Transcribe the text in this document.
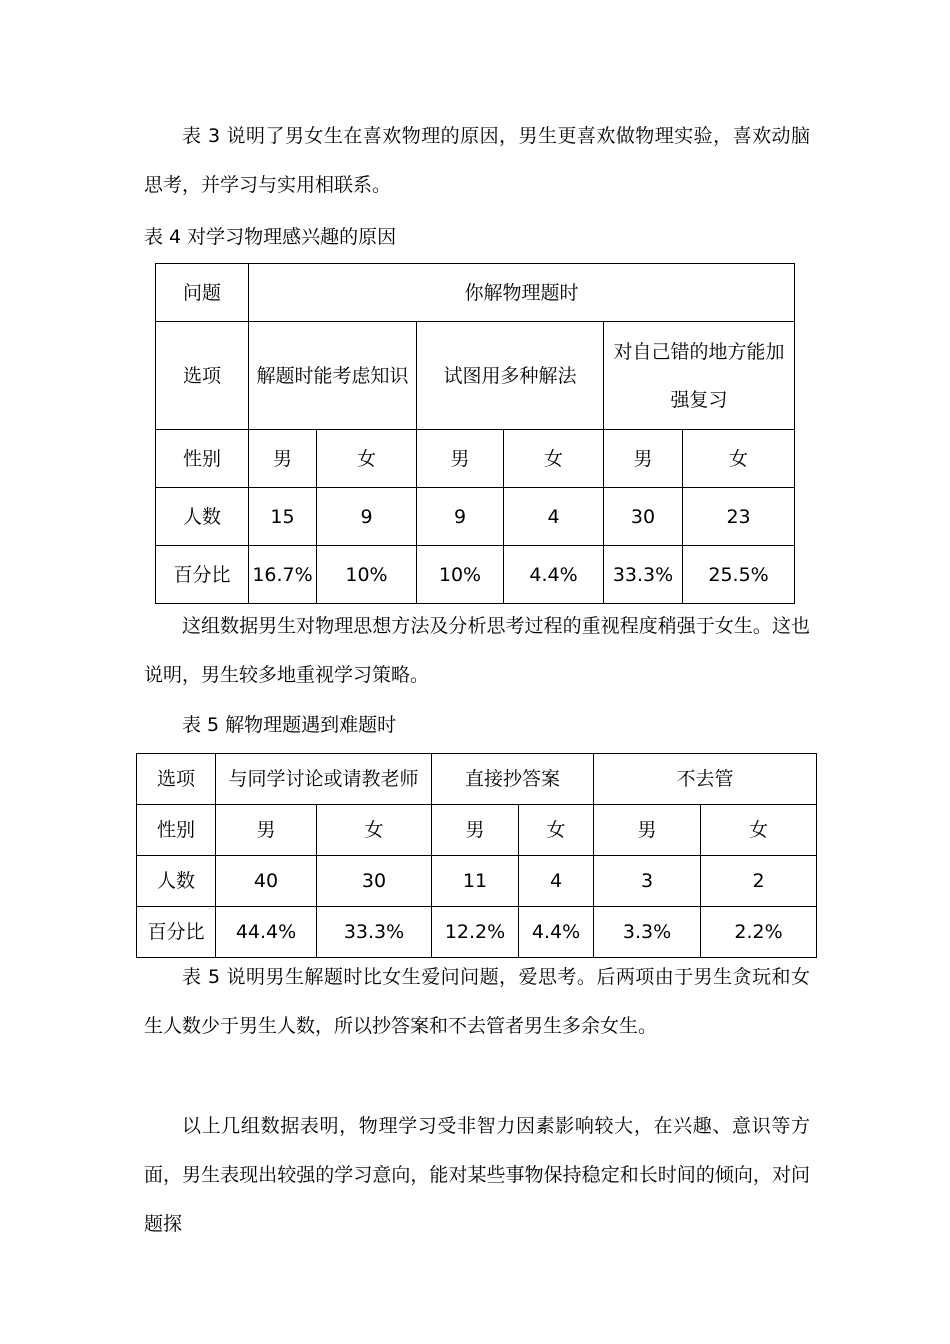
表 3 说明了男女生在喜欢物理的原因，男生更喜欢做物理实验，喜欢动脑思考，并学习与实用相联系。

表 4 对学习物理感兴趣的原因

问题	你解物理题时					
选项	解题时能考虑知识		试图用多种解法		对自己错的地方能加强复习	
性别	男	女	男	女	男	女
人数	15	9	9	4	30	23
百分比	16.7%	10%	10%	4.4%	33.3%	25.5%

这组数据男生对物理思想方法及分析思考过程的重视程度稍强于女生。这也说明，男生较多地重视学习策略。

表 5 解物理题遇到难题时

选项	与同学讨论或请教老师		直接抄答案		不去管	
性别	男	女	男	女	男	女
人数	40	30	11	4	3	2
百分比	44.4%	33.3%	12.2%	4.4%	3.3%	2.2%

表 5 说明男生解题时比女生爱问问题，爱思考。后两项由于男生贪玩和女生人数少于男生人数，所以抄答案和不去管者男生多余女生。

以上几组数据表明，物理学习受非智力因素影响较大，在兴趣、意识等方面，男生表现出较强的学习意向，能对某些事物保持稳定和长时间的倾向，对问题探
